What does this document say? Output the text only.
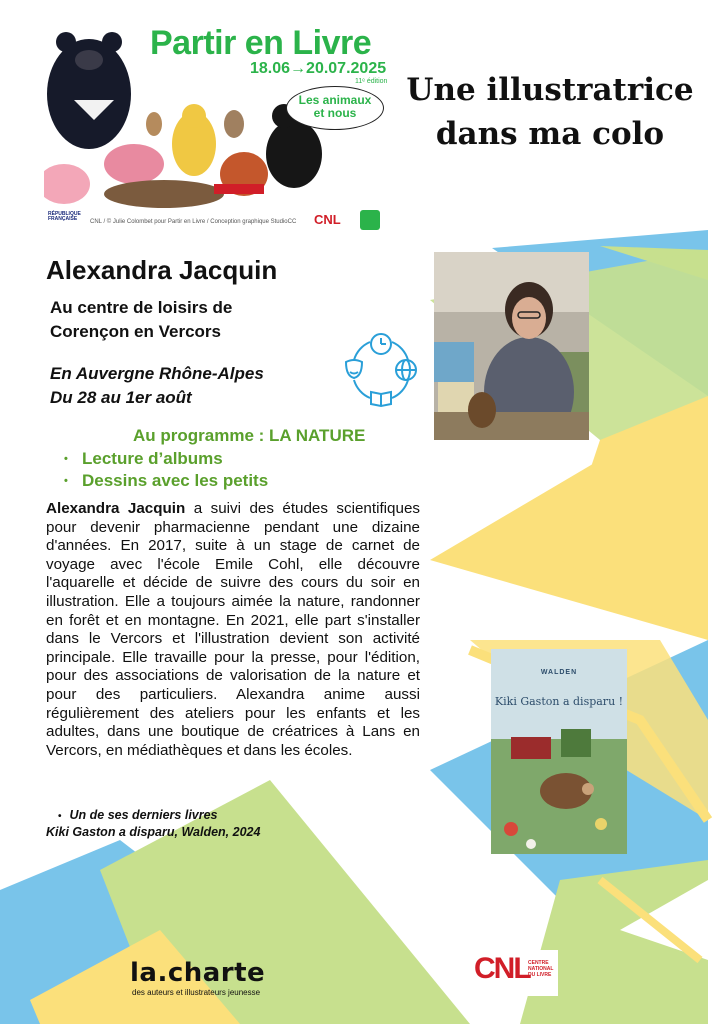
Partir en Livre
18.06→20.07.2025
11ᵉ édition
Les animaux
et nous
RÉPUBLIQUE FRANÇAISE CNL / © Julie Colombet pour Partir en Livre / Conception graphique StudioCC CNL
Une illustratrice
dans ma colo
Alexandra Jacquin
Au centre de loisirs de
Corençon en Vercors
En Auvergne Rhône-Alpes
Du 28 au 1er août
Au programme : LA NATURE
• Lecture d’albums
• Dessins avec les petits
Alexandra Jacquin a suivi des études scientifiques pour devenir pharmacienne pendant une dizaine d'années. En 2017, suite à un stage de carnet de voyage avec l'école Emile Cohl, elle découvre l'aquarelle et décide de suivre des cours du soir en illustration. Elle a toujours aimée la nature, randonner en forêt et en montagne. En 2021, elle part s'installer dans le Vercors et l'illustration devient son activité principale. Elle travaille pour la presse, pour l'édition, pour des associations de valorisation de la nature et pour des particuliers. Alexandra anime aussi régulièrement des ateliers pour les enfants et les adultes, dans une boutique de créatrices à Lans en Vercors, en médiathèques et dans les écoles.
• Un de ses derniers livres
Kiki Gaston a disparu, Walden, 2024
WALDEN
Kiki Gaston a disparu !
la.charte
des auteurs et illustrateurs jeunesse
CNL
CENTRE NATIONAL DU LIVRE
